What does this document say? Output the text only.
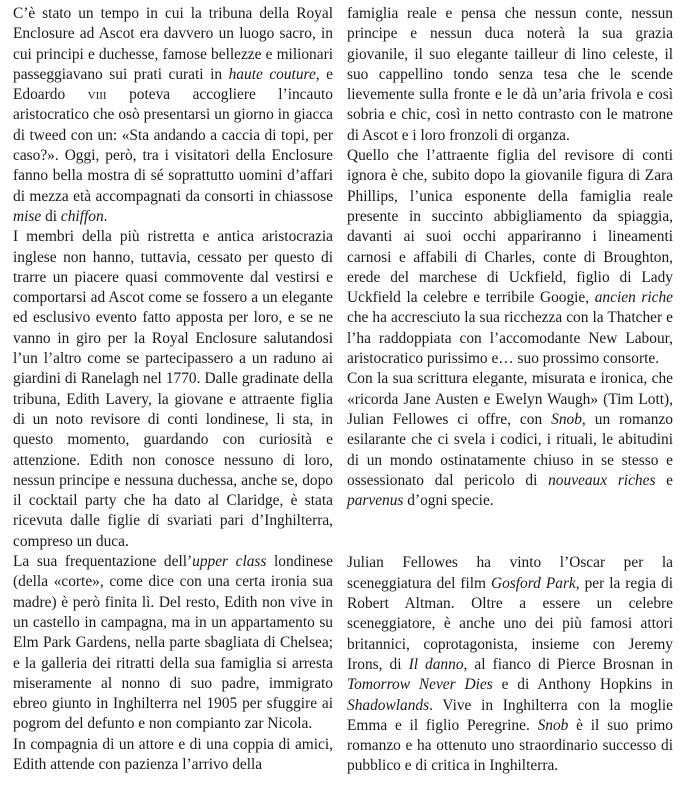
C’è stato un tempo in cui la tribuna della Royal Enclosure ad Ascot era davvero un luogo sacro, in cui principi e duchesse, famose bellezze e milionari passeggiavano sui prati curati in haute couture, e Edoardo viii poteva accogliere l’incauto aristocratico che osò presentarsi un giorno in giacca di tweed con un: «Sta andando a caccia di topi, per caso?». Oggi, però, tra i visitatori della Enclosure fanno bella mostra di sé soprattutto uomini d’affari di mezza età accompagnati da consorti in chiassose mise di chiffon.

I membri della più ristretta e antica aristocrazia inglese non hanno, tuttavia, cessato per questo di trarre un piacere quasi commovente dal vestirsi e comportarsi ad Ascot come se fossero a un elegante ed esclusivo evento fatto apposta per loro, e se ne vanno in giro per la Royal Enclosure salutandosi l’un l’altro come se partecipassero a un raduno ai giardini di Ranelagh nel 1770. Dalle gradinate della tribuna, Edith Lavery, la giovane e attraente figlia di un noto revisore di conti londinese, li sta, in questo momento, guardando con curiosità e attenzione. Edith non conosce nessuno di loro, nessun principe e nessuna duchessa, anche se, dopo il cocktail party che ha dato al Claridge, è stata ricevuta dalle figlie di svariati pari d’Inghilterra, compreso un duca.

La sua frequentazione dell’upper class londinese (della «corte», come dice con una certa ironia sua madre) è però finita lì. Del resto, Edith non vive in un castello in campagna, ma in un appartamento su Elm Park Gardens, nella parte sbagliata di Chelsea; e la galleria dei ritratti della sua famiglia si arresta miseramente al nonno di suo padre, immigrato ebreo giunto in Inghilterra nel 1905 per sfuggire ai pogrom del defunto e non compianto zar Nicola.

In compagnia di un attore e di una coppia di amici, Edith attende con pazienza l’arrivo della

famiglia reale e pensa che nessun conte, nessun principe e nessun duca noterà la sua grazia giovanile, il suo elegante tailleur di lino celeste, il suo cappellino tondo senza tesa che le scende lievemente sulla fronte e le dà un’aria frivola e così sobria e chic, così in netto contrasto con le matrone di Ascot e i loro fronzoli di organza.

Quello che l’attraente figlia del revisore di conti ignora è che, subito dopo la giovanile figura di Zara Phillips, l’unica esponente della famiglia reale presente in succinto abbigliamento da spiaggia, davanti ai suoi occhi appariranno i lineamenti carnosi e affabili di Charles, conte di Broughton, erede del marchese di Uckfield, figlio di Lady Uckfield la celebre e terribile Googie, ancien riche che ha accresciuto la sua ricchezza con la Thatcher e l’ha raddoppiata con l’accomodante New Labour, aristocratico purissimo e… suo prossimo consorte.

Con la sua scrittura elegante, misurata e ironica, che «ricorda Jane Austen e Ewelyn Waugh» (Tim Lott), Julian Fellowes ci offre, con Snob, un romanzo esilarante che ci svela i codici, i rituali, le abitudini di un mondo ostinatamente chiuso in se stesso e ossessionato dal pericolo di nouveaux riches e parvenus d’ogni specie.

Julian Fellowes ha vinto l’Oscar per la sceneggiatura del film Gosford Park, per la regia di Robert Altman. Oltre a essere un celebre sceneggiatore, è anche uno dei più famosi attori britannici, coprotagonista, insieme con Jeremy Irons, di Il danno, al fianco di Pierce Brosnan in Tomorrow Never Dies e di Anthony Hopkins in Shadowlands. Vive in Inghilterra con la moglie Emma e il figlio Peregrine. Snob è il suo primo romanzo e ha ottenuto uno straordinario successo di pubblico e di critica in Inghilterra.
